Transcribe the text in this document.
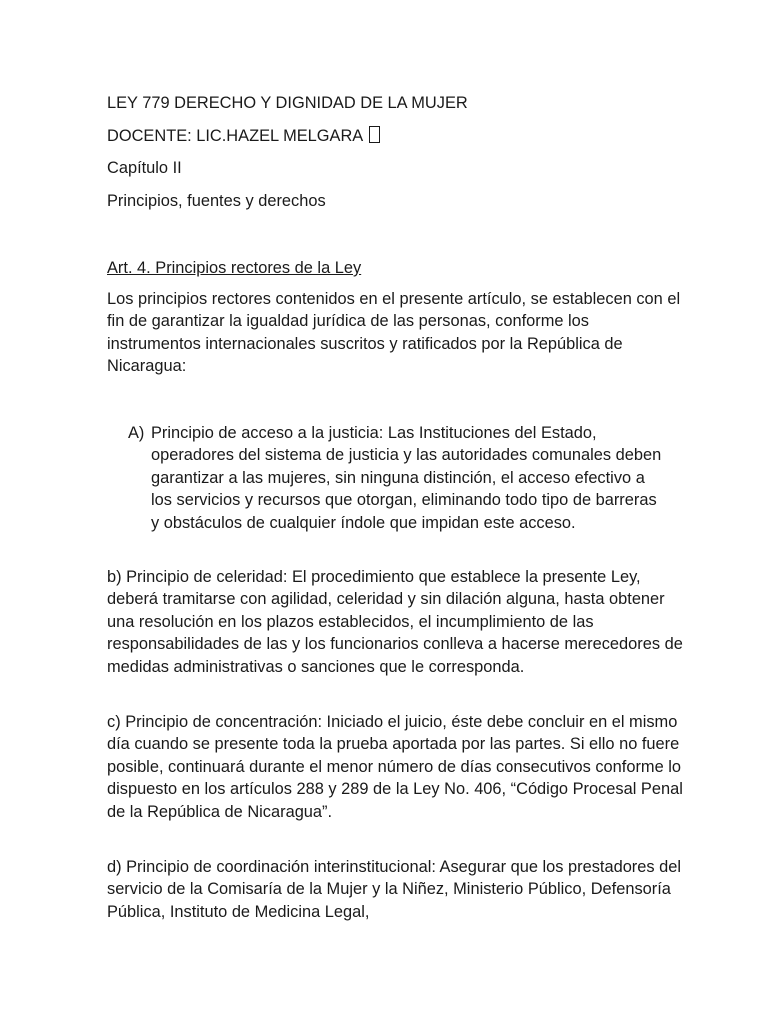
LEY 779 DERECHO Y DIGNIDAD DE LA MUJER

DOCENTE: LIC.HAZEL MELGARA

Capítulo II

Principios, fuentes y derechos

Art. 4. Principios rectores de la Ley

Los principios rectores contenidos en el presente artículo, se establecen con el fin de garantizar la igualdad jurídica de las personas, conforme los instrumentos internacionales suscritos y ratificados por la República de Nicaragua:

A) Principio de acceso a la justicia: Las Instituciones del Estado, operadores del sistema de justicia y las autoridades comunales deben garantizar a las mujeres, sin ninguna distinción, el acceso efectivo a los servicios y recursos que otorgan, eliminando todo tipo de barreras y obstáculos de cualquier índole que impidan este acceso.

b) Principio de celeridad: El procedimiento que establece la presente Ley, deberá tramitarse con agilidad, celeridad y sin dilación alguna, hasta obtener una resolución en los plazos establecidos, el incumplimiento de las responsabilidades de las y los funcionarios conlleva a hacerse merecedores de medidas administrativas o sanciones que le corresponda.

c) Principio de concentración: Iniciado el juicio, éste debe concluir en el mismo día cuando se presente toda la prueba aportada por las partes. Si ello no fuere posible, continuará durante el menor número de días consecutivos conforme lo dispuesto en los artículos 288 y 289 de la Ley No. 406, “Código Procesal Penal de la República de Nicaragua”.

d) Principio de coordinación interinstitucional: Asegurar que los prestadores del servicio de la Comisaría de la Mujer y la Niñez, Ministerio Público, Defensoría Pública, Instituto de Medicina Legal,
